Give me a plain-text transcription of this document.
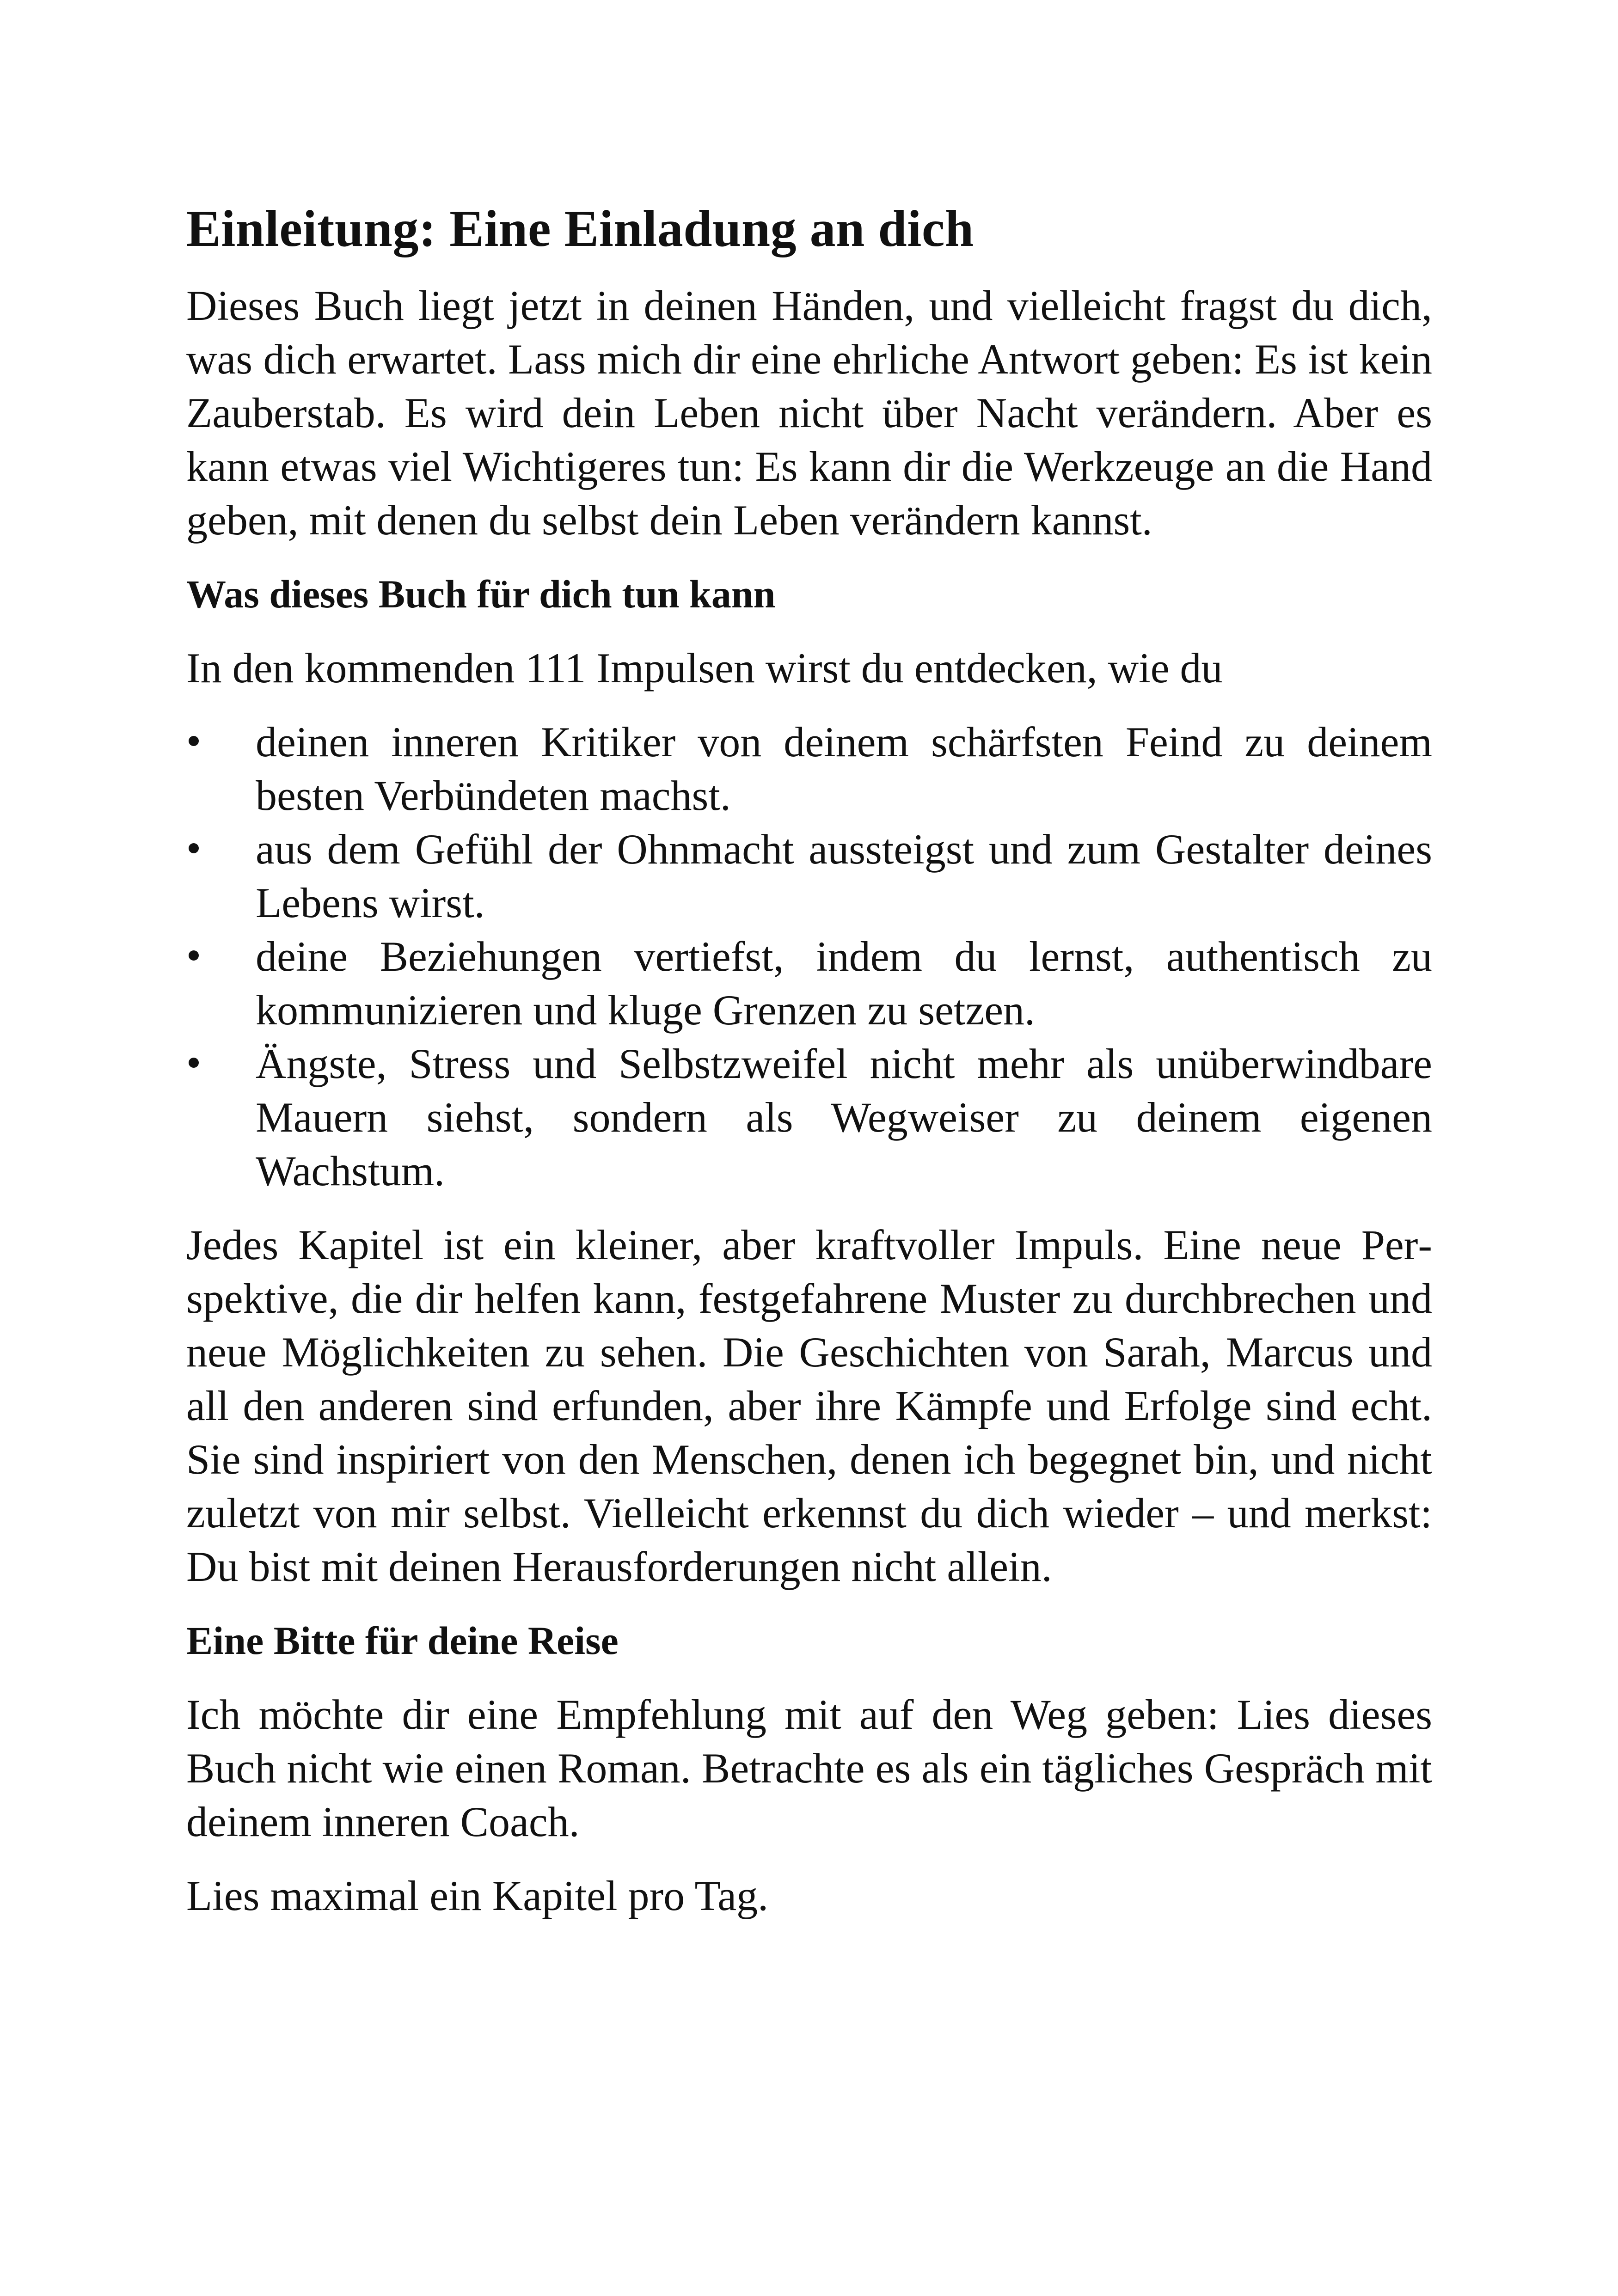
Einleitung: Eine Einladung an dich

Dieses Buch liegt jetzt in deinen Händen, und vielleicht fragst du dich, was dich erwartet. Lass mich dir eine ehrliche Antwort geben: Es ist kein Zauberstab. Es wird dein Leben nicht über Nacht verändern. Aber es kann etwas viel Wichtigeres tun: Es kann dir die Werkzeuge an die Hand geben, mit denen du selbst dein Leben verändern kannst.

Was dieses Buch für dich tun kann

In den kommenden 111 Impulsen wirst du entdecken, wie du

deinen inneren Kritiker von deinem schärfsten Feind zu deinem besten Verbündeten machst.
aus dem Gefühl der Ohnmacht aussteigst und zum Gestalter deines Lebens wirst.
deine Beziehungen vertiefst, indem du lernst, authentisch zu kommunizieren und kluge Grenzen zu setzen.
Ängste, Stress und Selbstzweifel nicht mehr als unüberwindbare Mauern siehst, sondern als Wegweiser zu deinem eigenen Wachstum.

Jedes Kapitel ist ein kleiner, aber kraftvoller Impuls. Eine neue Perspektive, die dir helfen kann, festgefahrene Muster zu durchbrechen und neue Möglichkeiten zu sehen. Die Geschichten von Sarah, Marcus und all den anderen sind erfunden, aber ihre Kämpfe und Erfolge sind echt. Sie sind inspiriert von den Menschen, denen ich begegnet bin, und nicht zuletzt von mir selbst. Vielleicht erkennst du dich wieder – und merkst: Du bist mit deinen Herausforderungen nicht allein.

Eine Bitte für deine Reise

Ich möchte dir eine Empfehlung mit auf den Weg geben: Lies dieses Buch nicht wie einen Roman. Betrachte es als ein tägliches Gespräch mit deinem inneren Coach.

Lies maximal ein Kapitel pro Tag.
